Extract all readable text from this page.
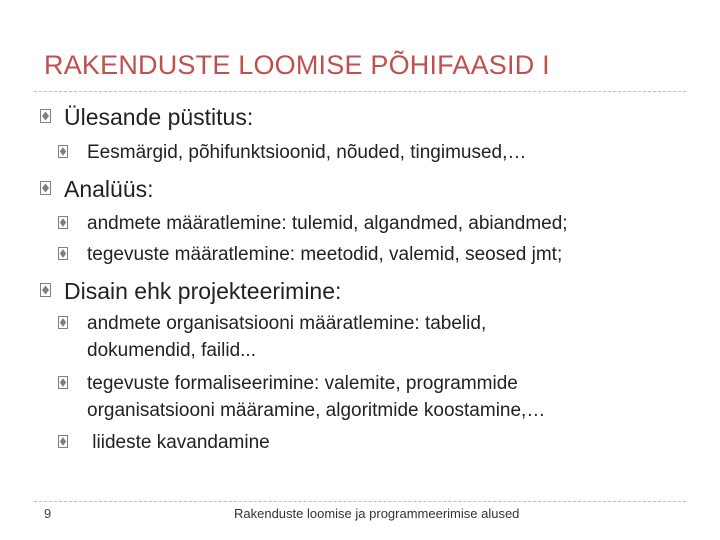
RAKENDUSTE LOOMISE PÕHIFAASID I
Ülesande püstitus:
Eesmärgid, põhifunktsioonid, nõuded, tingimused,…
Analüüs:
andmete määratlemine: tulemid, algandmed, abiandmed;
tegevuste määratlemine: meetodid, valemid, seosed jmt;
Disain ehk projekteerimine:
andmete organisatsiooni määratlemine: tabelid,
dokumendid, failid...
tegevuste formaliseerimine: valemite, programmide
organisatsiooni määramine, algoritmide koostamine,…
liideste kavandamine
9	Rakenduste loomise ja programmeerimise alused
